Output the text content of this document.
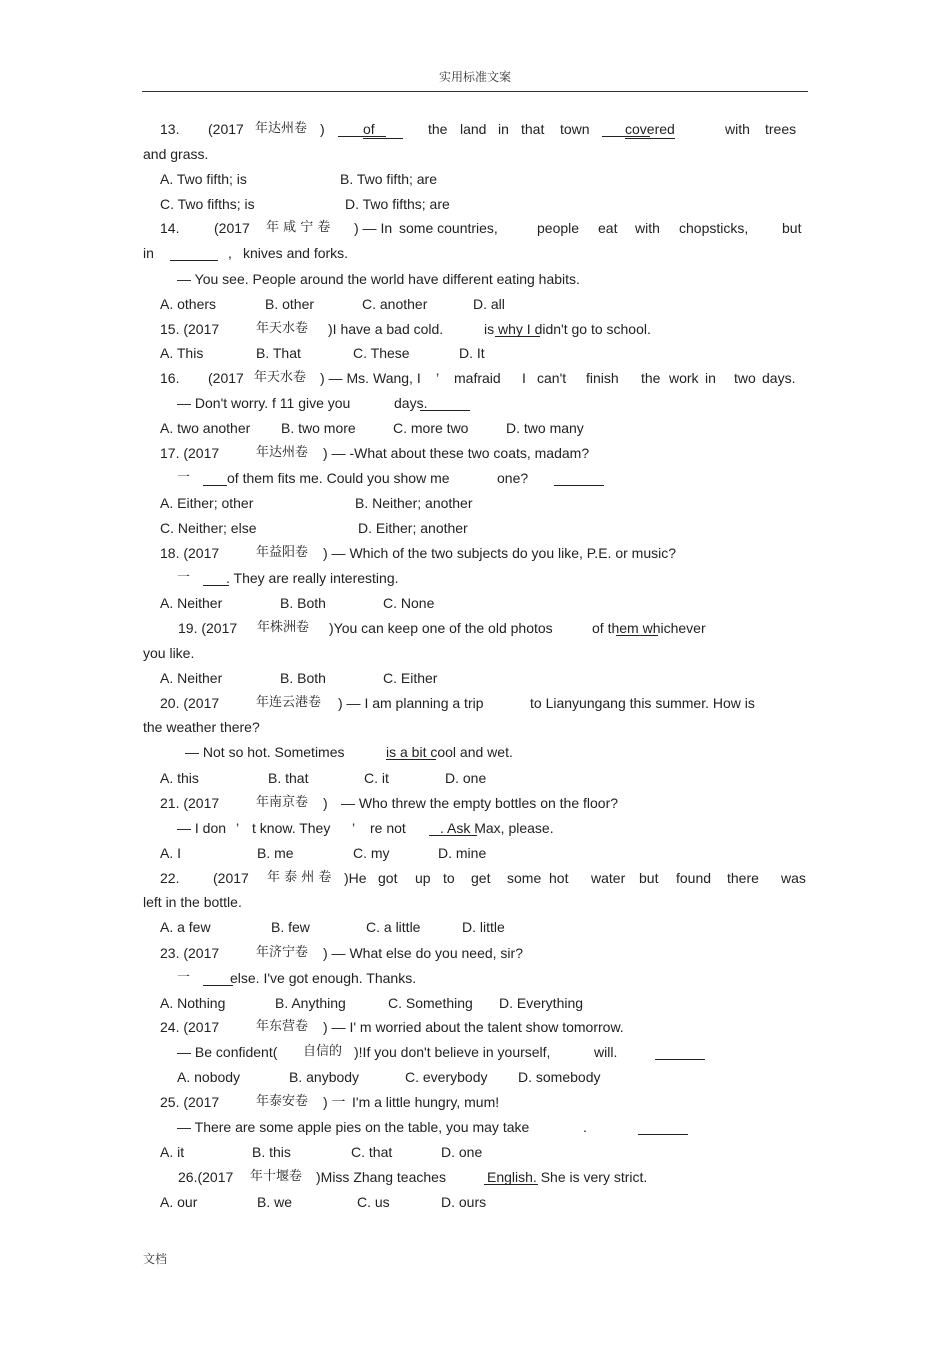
实用标准文案
13. (2017 年达州卷 )	of	the land in that town	covered	with trees
and grass.
A. Two fifth; is	B. Two fifth; are
C. Two fifths; is	D. Two fifths; are
14. (2017 年 咸 宁 卷 ) — In some countries,	people eat with chopsticks, but
in	, knives and forks.
— You see. People around the world have different eating habits.
A. others	B. other	C. another	D. all
15. (2017	年天水卷 )I have a bad cold.	is why I didn't go to school.
A. This	B. That	C. These	D. It
16. (2017 年天水卷 ) — Ms. Wang, I ’ mafraid I can't finish the work in two days.
— Don't worry. f 11 give you	days.
A. two another B. two more	C. more two	D. two many
17. (2017	年达州卷 ) — -What about these two coats, madam?
一	of them fits me. Could you show me	one?
A. Either; other	B. Neither; another
C. Neither; else	D. Either; another
18. (2017	年益阳卷 ) — Which of the two subjects do you like, P.E. or music?
一	. They are really interesting.
A. Neither	B. Both	C. None
19. (2017 年株洲卷 )You can keep one of the old photos	of them whichever
you like.
A. Neither	B. Both	C. Either
20. (2017	年连云港卷 ) — I am planning a trip	to Lianyungang this summer. How is
the weather there?
— Not so hot. Sometimes	is a bit cool and wet.
A. this	B. that	C. it	D. one
21. (2017	年南京卷 ) — Who threw the empty bottles on the floor?
— I don ’ t know. They ’ re not . Ask Max, please.
A. I	B. me	C. my	D. mine
22. (2017 年 泰 州 卷 )He got up to get some hot water but found there was
left in the bottle.
A. a few	B. few	C. a little	D. little
23. (2017	年济宁卷 ) — What else do you need, sir?
一	else. I've got enough. Thanks.
A. Nothing	B. Anything	C. Something D. Everything
24. (2017	年东营卷 ) — I' m worried about the talent show tomorrow.
— Be confident( 自信的 )!If you don't believe in yourself,	will.
A. nobody	B. anybody	C. everybody D. somebody
25. (2017	年泰安卷 ) 一 I'm a little hungry, mum!
— There are some apple pies on the table, you may take	.
A. it	B. this	C. that	D. one
26.(2017 年十堰卷 )Miss Zhang teaches	English. She is very strict.
A. our	B. we	C. us	D. ours
文档
